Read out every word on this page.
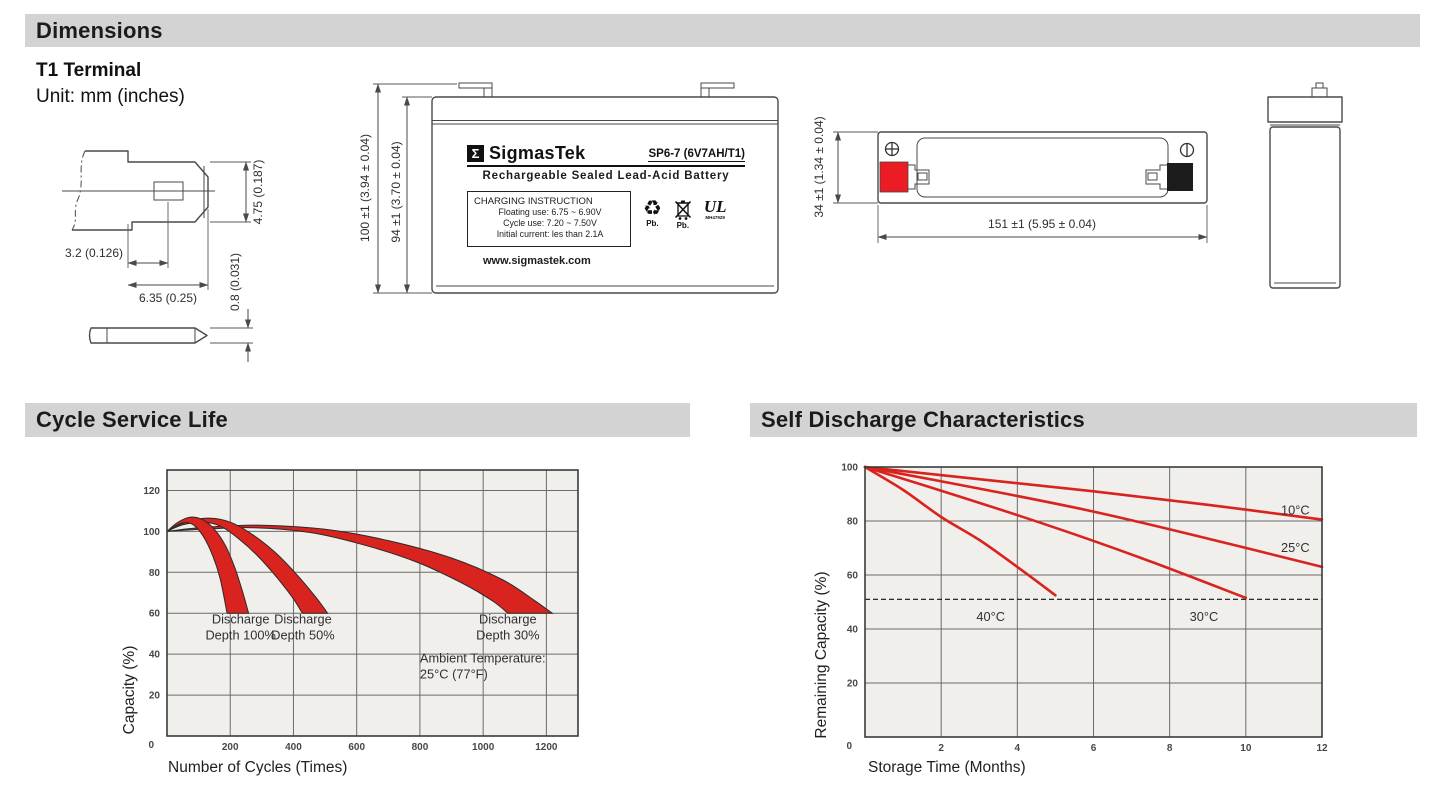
Dimensions
T1 Terminal
Unit: mm (inches)
4.75 (0.187)
3.2 (0.126)
6.35 (0.25)	0.8 (0.031)
100 ±1 (3.94 ± 0.04) 94 ±1 (3.70 ± 0.04)	Σ SigmasTek	SP6-7 (6V7AH/T1)
Rechargeable Sealed Lead-Acid Battery
CHARGING INSTRUCTION
Floating use: 6.75 ~ 6.90V
Cycle use: 7.20 ~ 7.50V
Initial current: les than 2.1A
♻
Pb. Pb.
UL
MH47929
www.sigmastek.com
34 ±1 (1.34 ± 0.04)
151 ±1 (5.95 ± 0.04)
Cycle Service Life	Self Discharge Characteristics
20
40
60
80
100
120
200	400	600	800	1000	1200
0
Discharge Depth 100%
Discharge Depth 50%
Discharge Depth 30%
Ambient Temperature: 25°C (77°F)
Number of Cycles (Times)
Capacity (%)	20
40
60
80
100
2	4	6	8	10	12
0
10°C
25°C
40°C	30°C
Storage Time (Months)
Remaining Capacity (%)
